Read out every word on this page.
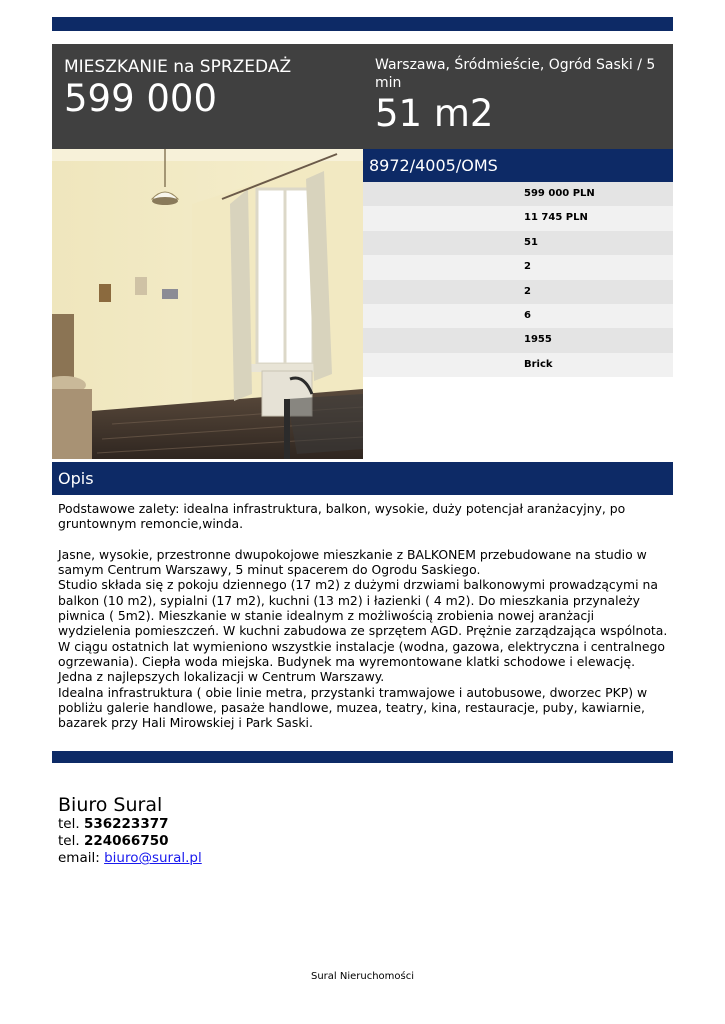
MIESZKANIE na SPRZEDAŻ
599 000
Warszawa, Śródmieście, Ogród Saski / 5 min
51 m2
8972/4005/OMS
599 000 PLN
11 745 PLN
51
2
2
6
1955
Brick
Opis

Podstawowe zalety: idealna infrastruktura, balkon, wysokie, duży potencjał aranżacyjny, po gruntownym remoncie,winda.

Jasne, wysokie, przestronne dwupokojowe mieszkanie z BALKONEM przebudowane na studio w samym Centrum Warszawy, 5 minut spacerem do Ogrodu Saskiego.
Studio składa się z pokoju dziennego (17 m2) z dużymi drzwiami balkonowymi prowadzącymi na balkon (10 m2), sypialni (17 m2), kuchni (13 m2) i łazienki ( 4 m2). Do mieszkania przynależy piwnica ( 5m2). Mieszkanie w stanie idealnym z możliwością zrobienia nowej aranżacji wydzielenia pomieszczeń. W kuchni zabudowa ze sprzętem AGD. Prężnie zarządzająca wspólnota. W ciągu ostatnich lat wymieniono wszystkie instalacje (wodna, gazowa, elektryczna i centralnego ogrzewania). Ciepła woda miejska. Budynek ma wyremontowane klatki schodowe i elewację. Jedna z najlepszych lokalizacji w Centrum Warszawy.
Idealna infrastruktura ( obie linie metra, przystanki tramwajowe i autobusowe, dworzec PKP) w pobliżu galerie handlowe, pasaże handlowe, muzea, teatry, kina, restauracje, puby, kawiarnie, bazarek przy Hali Mirowskiej i Park Saski.

Biuro Sural
tel. 536223377
tel. 224066750
email: biuro@sural.pl
Sural Nieruchomości
